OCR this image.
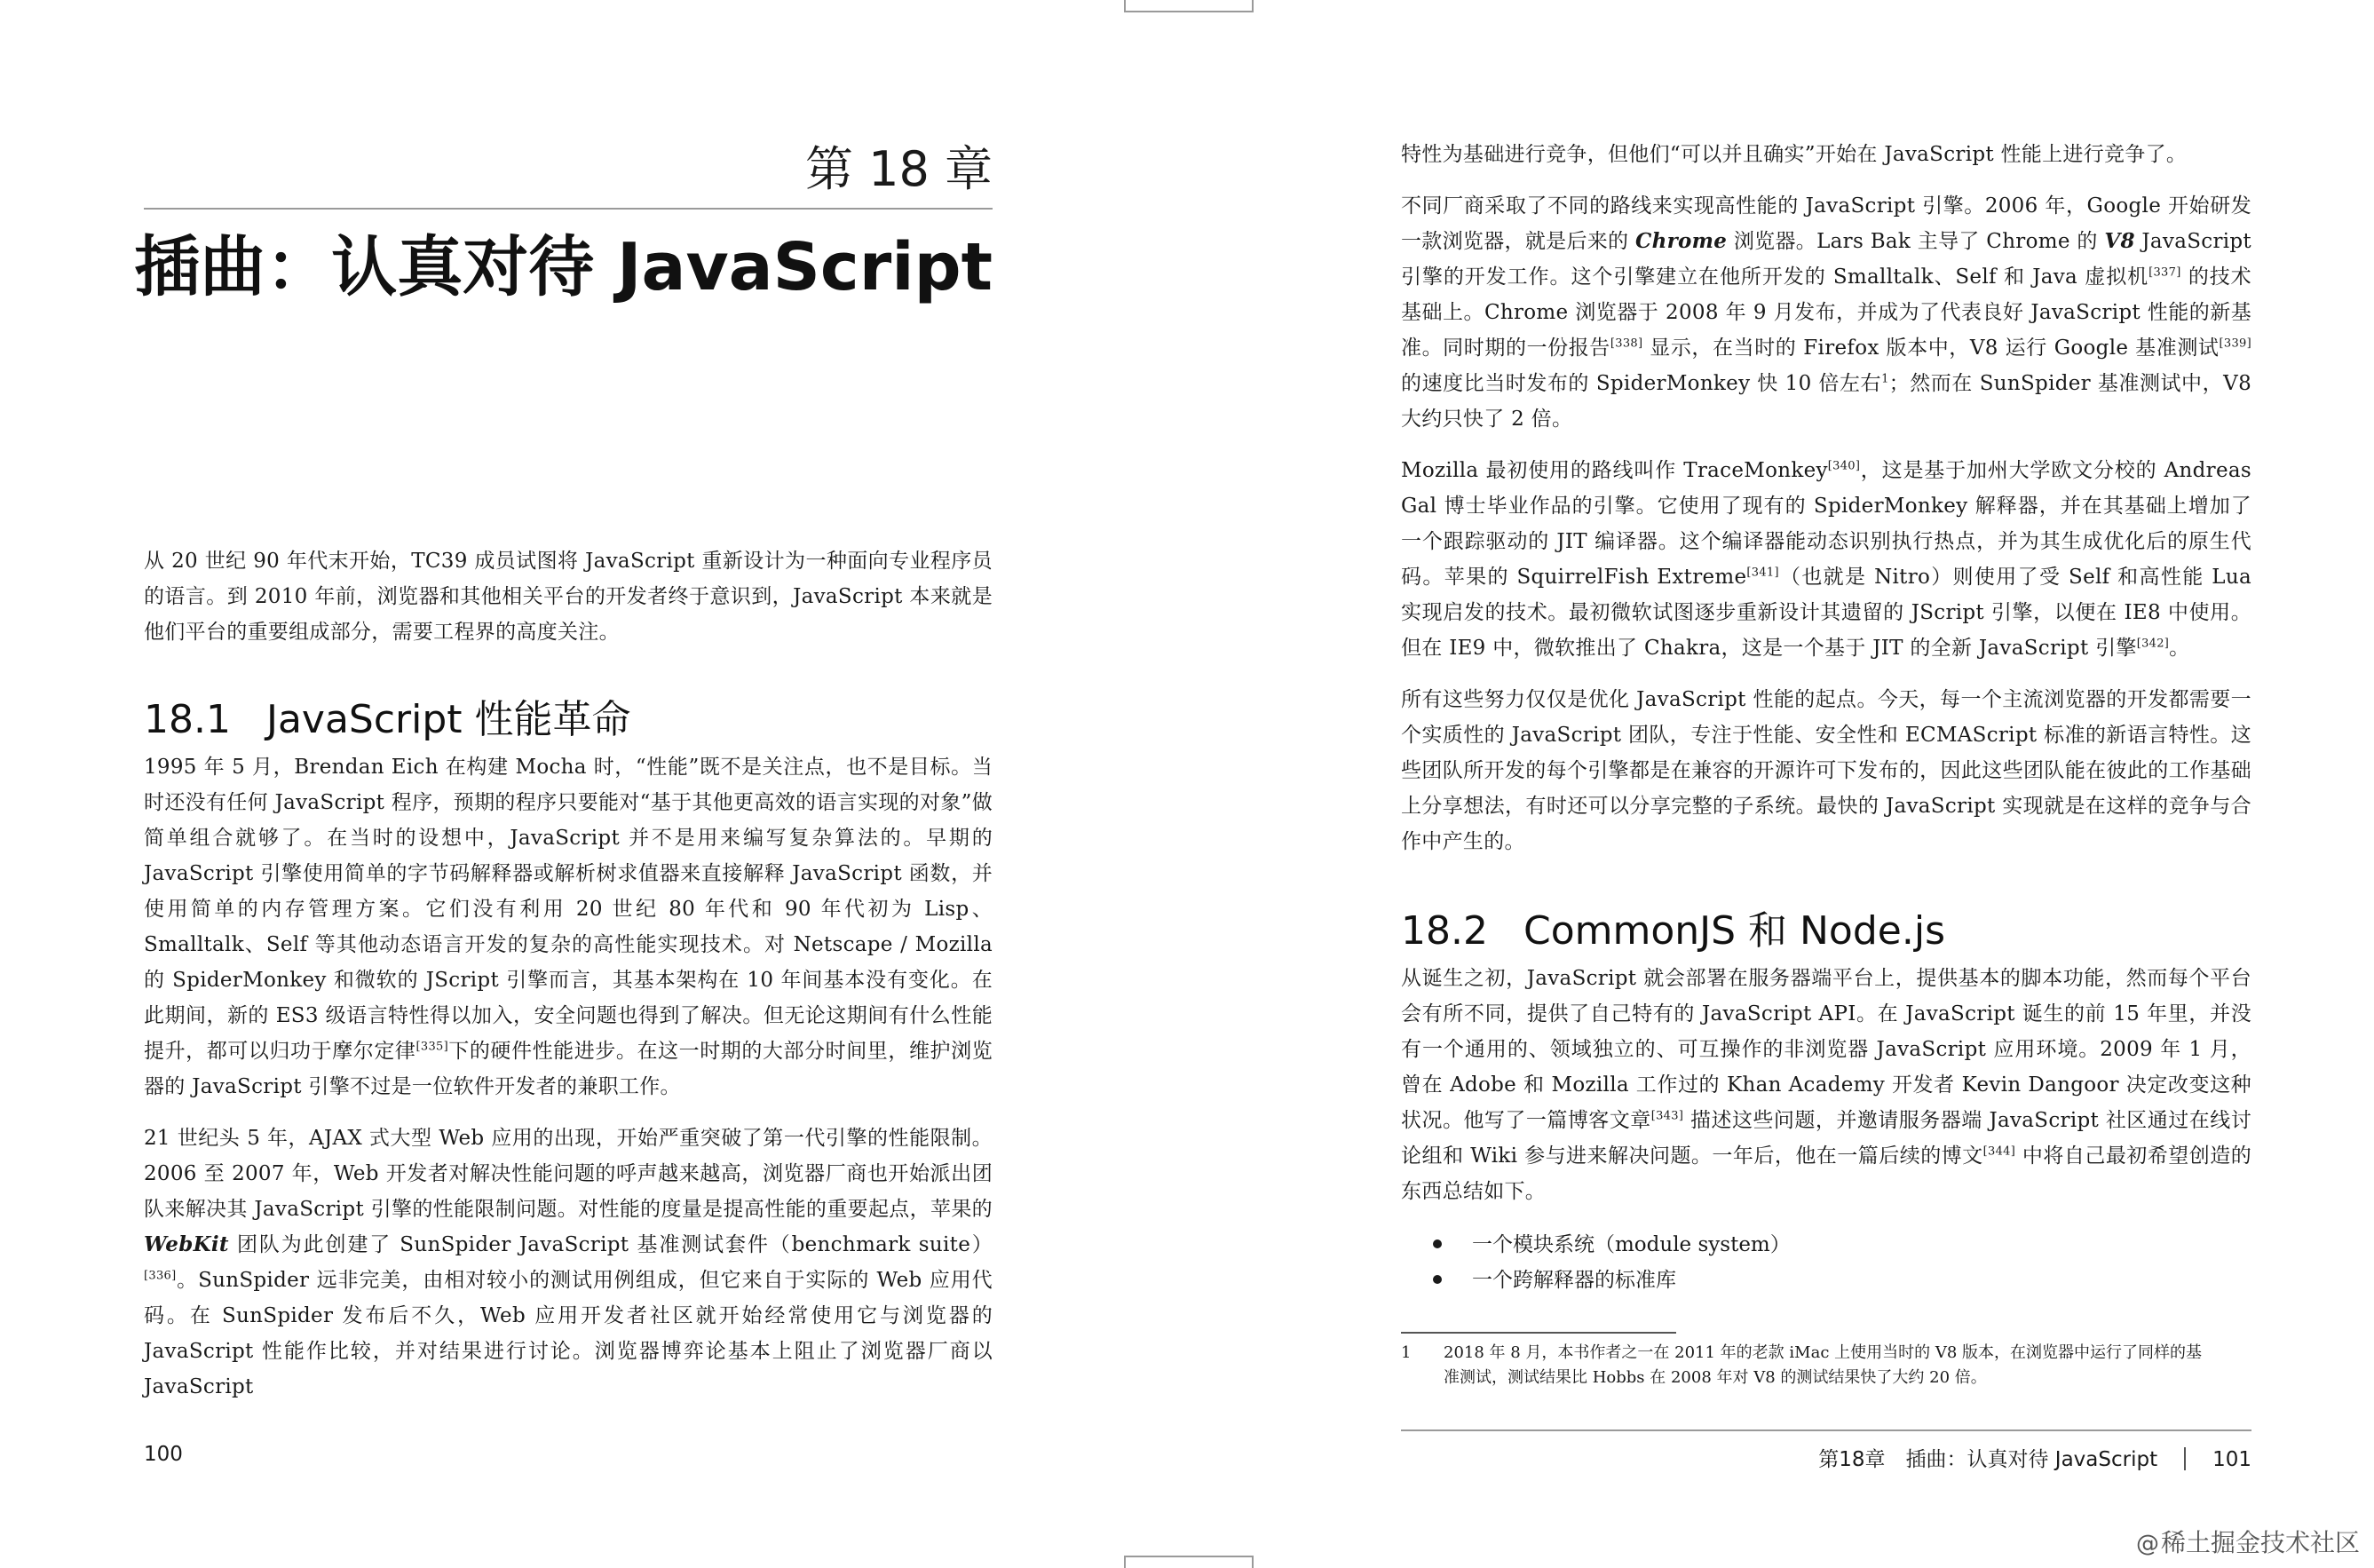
第 18 章
插曲：认真对待 JavaScript

从 20 世纪 90 年代末开始，TC39 成员试图将 JavaScript 重新设计为一种面向专业程序员的语言。到 2010 年前，浏览器和其他相关平台的开发者终于意识到，JavaScript 本来就是他们平台的重要组成部分，需要工程界的高度关注。

18.1 JavaScript 性能革命

1995 年 5 月，Brendan Eich 在构建 Mocha 时，“性能”既不是关注点，也不是目标。当时还没有任何 JavaScript 程序，预期的程序只要能对“基于其他更高效的语言实现的对象”做简单组合就够了。在当时的设想中，JavaScript 并不是用来编写复杂算法的。早期的 JavaScript 引擎使用简单的字节码解释器或解析树求值器来直接解释 JavaScript 函数，并使用简单的内存管理方案。它们没有利用 20 世纪 80 年代和 90 年代初为 Lisp、Smalltalk、Self 等其他动态语言开发的复杂的高性能实现技术。对 Netscape / Mozilla 的 SpiderMonkey 和微软的 JScript 引擎而言，其基本架构在 10 年间基本没有变化。在此期间，新的 ES3 级语言特性得以加入，安全问题也得到了解决。但无论这期间有什么性能提升，都可以归功于摩尔定律[335]下的硬件性能进步。在这一时期的大部分时间里，维护浏览器的 JavaScript 引擎不过是一位软件开发者的兼职工作。

21 世纪头 5 年，AJAX 式大型 Web 应用的出现，开始严重突破了第一代引擎的性能限制。2006 至 2007 年，Web 开发者对解决性能问题的呼声越来越高，浏览器厂商也开始派出团队来解决其 JavaScript 引擎的性能限制问题。对性能的度量是提高性能的重要起点，苹果的 WebKit 团队为此创建了 SunSpider JavaScript 基准测试套件（benchmark suite）[336]。SunSpider 远非完美，由相对较小的测试用例组成，但它来自于实际的 Web 应用代码。在 SunSpider 发布后不久，Web 应用开发者社区就开始经常使用它与浏览器的 JavaScript 性能作比较，并对结果进行讨论。浏览器博弈论基本上阻止了浏览器厂商以 JavaScript

100

特性为基础进行竞争，但他们“可以并且确实”开始在 JavaScript 性能上进行竞争了。

不同厂商采取了不同的路线来实现高性能的 JavaScript 引擎。2006 年，Google 开始研发一款浏览器，就是后来的 Chrome 浏览器。Lars Bak 主导了 Chrome 的 V8 JavaScript 引擎的开发工作。这个引擎建立在他所开发的 Smalltalk、Self 和 Java 虚拟机[337] 的技术基础上。Chrome 浏览器于 2008 年 9 月发布，并成为了代表良好 JavaScript 性能的新基准。同时期的一份报告[338] 显示，在当时的 Firefox 版本中，V8 运行 Google 基准测试[339] 的速度比当时发布的 SpiderMonkey 快 10 倍左右$^1$；然而在 SunSpider 基准测试中，V8 大约只快了 2 倍。

Mozilla 最初使用的路线叫作 TraceMonkey[340]，这是基于加州大学欧文分校的 Andreas Gal 博士毕业作品的引擎。它使用了现有的 SpiderMonkey 解释器，并在其基础上增加了一个跟踪驱动的 JIT 编译器。这个编译器能动态识别执行热点，并为其生成优化后的原生代码。苹果的 SquirrelFish Extreme[341]（也就是 Nitro）则使用了受 Self 和高性能 Lua 实现启发的技术。最初微软试图逐步重新设计其遗留的 JScript 引擎，以便在 IE8 中使用。但在 IE9 中，微软推出了 Chakra，这是一个基于 JIT 的全新 JavaScript 引擎[342]。

所有这些努力仅仅是优化 JavaScript 性能的起点。今天，每一个主流浏览器的开发都需要一个实质性的 JavaScript 团队，专注于性能、安全性和 ECMAScript 标准的新语言特性。这些团队所开发的每个引擎都是在兼容的开源许可下发布的，因此这些团队能在彼此的工作基础上分享想法，有时还可以分享完整的子系统。最快的 JavaScript 实现就是在这样的竞争与合作中产生的。

18.2 CommonJS 和 Node.js

从诞生之初，JavaScript 就会部署在服务器端平台上，提供基本的脚本功能，然而每个平台会有所不同，提供了自己特有的 JavaScript API。在 JavaScript 诞生的前 15 年里，并没有一个通用的、领域独立的、可互操作的非浏览器 JavaScript 应用环境。2009 年 1 月，曾在 Adobe 和 Mozilla 工作过的 Khan Academy 开发者 Kevin Dangoor 决定改变这种状况。他写了一篇博客文章[343] 描述这些问题，并邀请服务器端 JavaScript 社区通过在线讨论组和 Wiki 参与进来解决问题。一年后，他在一篇后续的博文[344] 中将自己最初希望创造的东西总结如下。

一个模块系统（module system）
一个跨解释器的标准库
1 2018 年 8 月，本书作者之一在 2011 年的老款 iMac 上使用当时的 V8 版本，在浏览器中运行了同样的基
准测试，测试结果比 Hobbs 在 2008 年对 V8 的测试结果快了大约 20 倍。
第18章　插曲：认真对待 JavaScript	101
@稀土掘金技术社区
